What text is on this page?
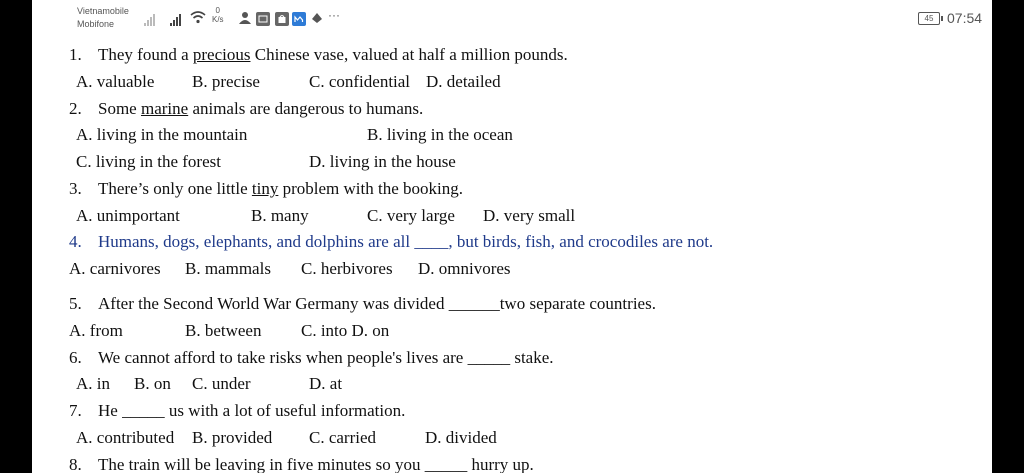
Vietnamobile
Mobifone
0
K/s	···	45 07:54
1. They found a precious Chinese vase, valued at half a million pounds.
A. valuable B. precise	C. confidential D. detailed
2. Some marine animals are dangerous to humans.
A. living in the mountain	B. living in the ocean
C. living in the forest	D. living in the house
3. There’s only one little tiny problem with the booking.
A. unimportant	B. many	C. very large D. very small
4. Humans, dogs, elephants, and dolphins are all ____, but birds, fish, and crocodiles are not.
A. carnivores B. mammals C. herbivores D. omnivores
5. After the Second World War Germany was divided ______two separate countries.
A. from	B. between C. into D. on
6. We cannot afford to take risks when people's lives are _____ stake.
A. in B. on C. under	D. at
7. He _____ us with a lot of useful information.
A. contributed B. provided C. carried	D. divided
8. The train will be leaving in five minutes so you _____ hurry up.
